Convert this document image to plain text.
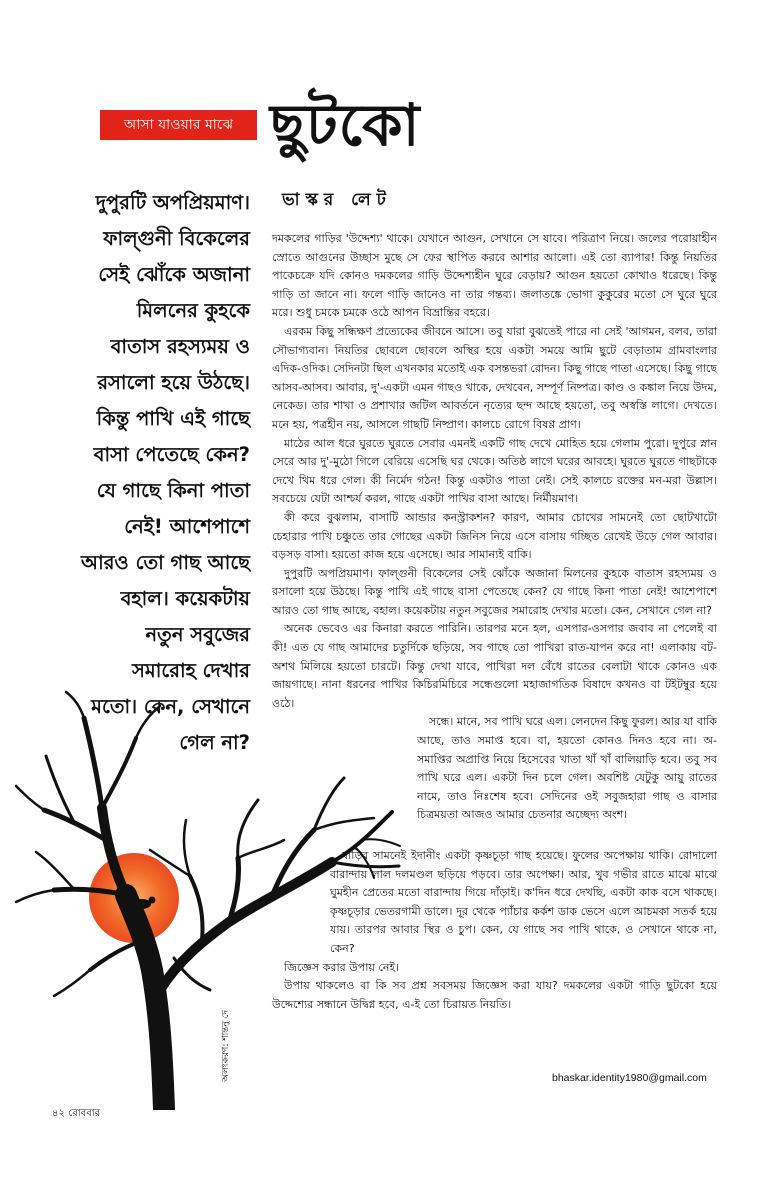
আসা যাওয়ার মাঝে ছুটকো
দুপুরটি অপপ্রিয়মাণ।
ফাল্গুনী বিকেলের
সেই ঝোঁকে অজানা
মিলনের কুহকে
বাতাস রহস্যময় ও
রসালো হয়ে উঠছে।
কিন্তু পাখি এই গাছে
বাসা পেতেছে কেন?
যে গাছে কিনা পাতা
নেই! আশেপাশে
আরও তো গাছ আছে
বহাল। কয়েকটায়
নতুন সবুজের
সমারোহ দেখার
মতো। কেন, সেখানে
গেল না?
ভাস্কর লেট
অলংকরণ: শান্তনু দে

দমকলের গাড়ির 'উদ্দেশ্য' থাকে। যেখানে আগুন, সেখানে সে যাবে। পরিত্রাণ নিয়ে। জলের পরোয়াহীন স্রোতে আগুনের উচ্ছাস মুছে সে ফের স্থাপিত করবে আশার আলো। এই তো ব্যাপার! কিন্তু নিয়তির পাকেচক্রে যদি কোনও দমকলের গাড়ি উদ্দেশ্যহীন ঘুরে বেড়ায়? আগুন হয়তো কোথাও ধরেছে। কিন্তু গাড়ি তা জানে না। ফলে গাড়ি জানেও না তার গন্তব্য। জলাতঙ্কে ভোগা কুকুরের মতো সে ঘুরে ঘুরে মরে। শুধু চমকে চমকে ওঠে আপন বিভ্রান্তির বহরে।

এরকম কিছু সন্ধিক্ষণ প্রত্যেকের জীবনে আসে। তবু যারা বুঝতেই পারে না সেই 'আগমন, বলব, তারা সৌভাগ্যবান। নিয়তির ছোবলে ছোবলে অস্থির হয়ে একটা সময়ে আমি ছুটে বেড়াতাম গ্রামবাংলার এদিক-ওদিক। সেদিনটা ছিল এখনকার মতোই এক বসন্তভরা রোদন। কিছু গাছে পাতা এসেছে। কিছু গাছে আসব-আসব। আবার, দু'-একটা এমন গাছও থাকে, দেখবেন, সম্পূর্ণ নিষ্পত্র। কাণ্ড ও কঙ্কাল নিয়ে উদম, নেকেড। তার শাখা ও প্রশাখার জটিল আবর্তনে নৃত্যের ছন্দ আছে হয়তো, তবু অস্বস্তি লাগে। দেখতে। মনে হয়, পত্রহীন নয়, আসলে গাছটি নিষ্প্রাণ। কালচে রোগে বিষণ্ণ প্রাণ।

মাঠের আল ধরে ঘুরতে ঘুরতে সেবার এমনই একটি গাছ দেখে মোহিত হয়ে গেলাম পুরো। দুপুরে স্নান সেরে আর দু'-মুঠো গিলে বেরিয়ে এসেছি ঘর থেকে। অতিষ্ঠ লাগে ঘরের আবহে। ঘুরতে ঘুরতে গাছটাকে দেখে থিম ধরে গেল। কী নির্মেদ গঠন! কিন্তু একটাও পাতা নেই। সেই কালচে রক্তের মন-মরা উল্লাস। সবচেয়ে যেটা আশ্চর্য করল, গাছে একটা পাখির বাসা আছে। নির্মীয়মাণ।

কী করে বুঝলাম, বাসাটি আন্ডার কনস্ট্রাকশন? কারণ, আমার চোখের সামনেই তো ছোটখাটো চেহারার পাখি চঞ্চুতে তার গোছের একটা জিনিস নিয়ে এসে বাসায় গচ্ছিত রেখেই উড়ে গেল আবার। বড়সড় বাসা। হয়তো কাজ হয়ে এসেছে। আর সামান্যই বাকি।

দুপুরটি অপপ্রিয়মাণ। ফাল্গুনী বিকেলের সেই ঝোঁকে অজানা মিলনের কুহকে বাতাস রহস্যময় ও রসালো হয়ে উঠছে। কিন্তু পাখি এই গাছে বাসা পেতেছে কেন? যে গাছে কিনা পাতা নেই! আশেপাশে আরও তো গাছ আছে, বহাল। কয়েকটায় নতুন সবুজের সমারোহ দেখার মতো। কেন, সেখানে গেল না?

অনেক ভেবেও এর কিনারা করতে পারিনি। তারপর মনে হল, এসপার-ওসপার জবাব না পেলেই বা কী! এত যে গাছ আমাদের চতুর্দিকে ছড়িয়ে, সব গাছে তো পাখিরা রাত-যাপন করে না! এলাকায় বট-অশথ মিলিয়ে হয়তো চারটে। কিন্তু দেখা যাবে, পাখিরা দল বেঁধে রাতের বেলাটা থাকে কোনও এক জায়গাছে। নানা ধরনের পাখির কিচিরমিচিরে সন্ধেগুলো মহাজাগতিক বিষাদে কখনও বা টইটম্বুর হয়ে ওঠে।

সন্ধে। মানে, সব পাখি ঘরে এল। লেনদেন কিছু ফুরল। আর যা বাকি আছে, তাও সমাপ্ত হবে। বা, হয়তো কোনও দিনও হবে না। অ-সমাপ্তির অপ্রাপ্তি নিয়ে হিসেবের খাতা খাঁ খাঁ বালিয়াড়ি হবে। তবু সব পাখি ঘরে এল। একটা দিন চলে গেল। অবশিষ্ট যেটুকু আয়ু রাতের নামে, তাও নিঃশেষ হবে। সেদিনের ওই সবুজহারা গাছ ও বাসার চিত্রময়তা আজও আমার চেতনার অচ্ছেদ্য অংশ।

বাড়ির সামনেই ইদানীং একটা কৃষ্ণচূড়া গাছ হয়েছে। ফুলের অপেক্ষায় থাকি। রোদালো বারান্দায় লাল দলমণ্ডল ছড়িয়ে পড়বে। তার অপেক্ষা। আর, খুব গভীর রাতে মাঝে মাঝে ঘুমহীন প্রেতের মতো বারান্দায় গিয়ে দাঁড়াই। ক'দিন ধরে দেখছি, একটা কাক বসে থাকছে। কৃষ্ণচূড়ার ভেতরগামী ডালে। দূর থেকে প্যাঁচার কর্কশ ডাক ভেসে এলে আচমকা সতর্ক হয়ে যায়। তারপর আবার স্থির ও চুপ। কেন, যে গাছে সব পাখি থাকে, ও সেখানে থাকে না, কেন?

জিজ্ঞেস করার উপায় নেই।

উপায় থাকলেও বা কি সব প্রশ্ন সবসময় জিজ্ঞেস করা যায়? দমকলের একটা গাড়ি ছুটকো হয়ে উদ্দেশ্যের সন্ধানে উদ্বিগ্ন হবে, এ-ই তো চিরায়ত নিয়তি।

bhaskar.identity1980@gmail.com
৪২ রোববার
